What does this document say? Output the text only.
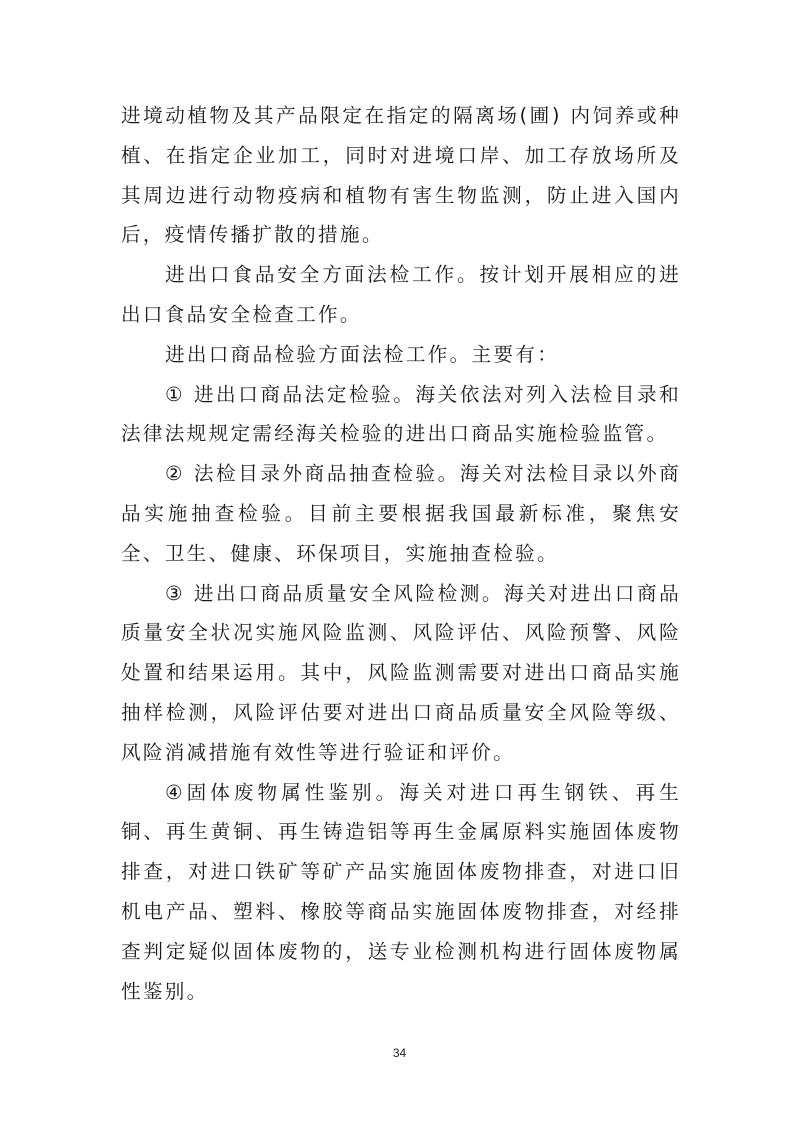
进境动植物及其产品限定在指定的隔离场(圃) 内饲养或种植、在指定企业加工，同时对进境口岸、加工存放场所及其周边进行动物疫病和植物有害生物监测，防止进入国内后，疫情传播扩散的措施。

进出口食品安全方面法检工作。按计划开展相应的进出口食品安全检查工作。

进出口商品检验方面法检工作。主要有：

① 进出口商品法定检验。海关依法对列入法检目录和法律法规规定需经海关检验的进出口商品实施检验监管。

② 法检目录外商品抽查检验。海关对法检目录以外商品实施抽查检验。目前主要根据我国最新标准，聚焦安全、卫生、健康、环保项目，实施抽查检验。

③ 进出口商品质量安全风险检测。海关对进出口商品质量安全状况实施风险监测、风险评估、风险预警、风险处置和结果运用。其中，风险监测需要对进出口商品实施抽样检测，风险评估要对进出口商品质量安全风险等级、风险消减措施有效性等进行验证和评价。

④固体废物属性鉴别。海关对进口再生钢铁、再生铜、再生黄铜、再生铸造铝等再生金属原料实施固体废物排查，对进口铁矿等矿产品实施固体废物排查，对进口旧机电产品、塑料、橡胶等商品实施固体废物排查，对经排查判定疑似固体废物的，送专业检测机构进行固体废物属性鉴别。

34
